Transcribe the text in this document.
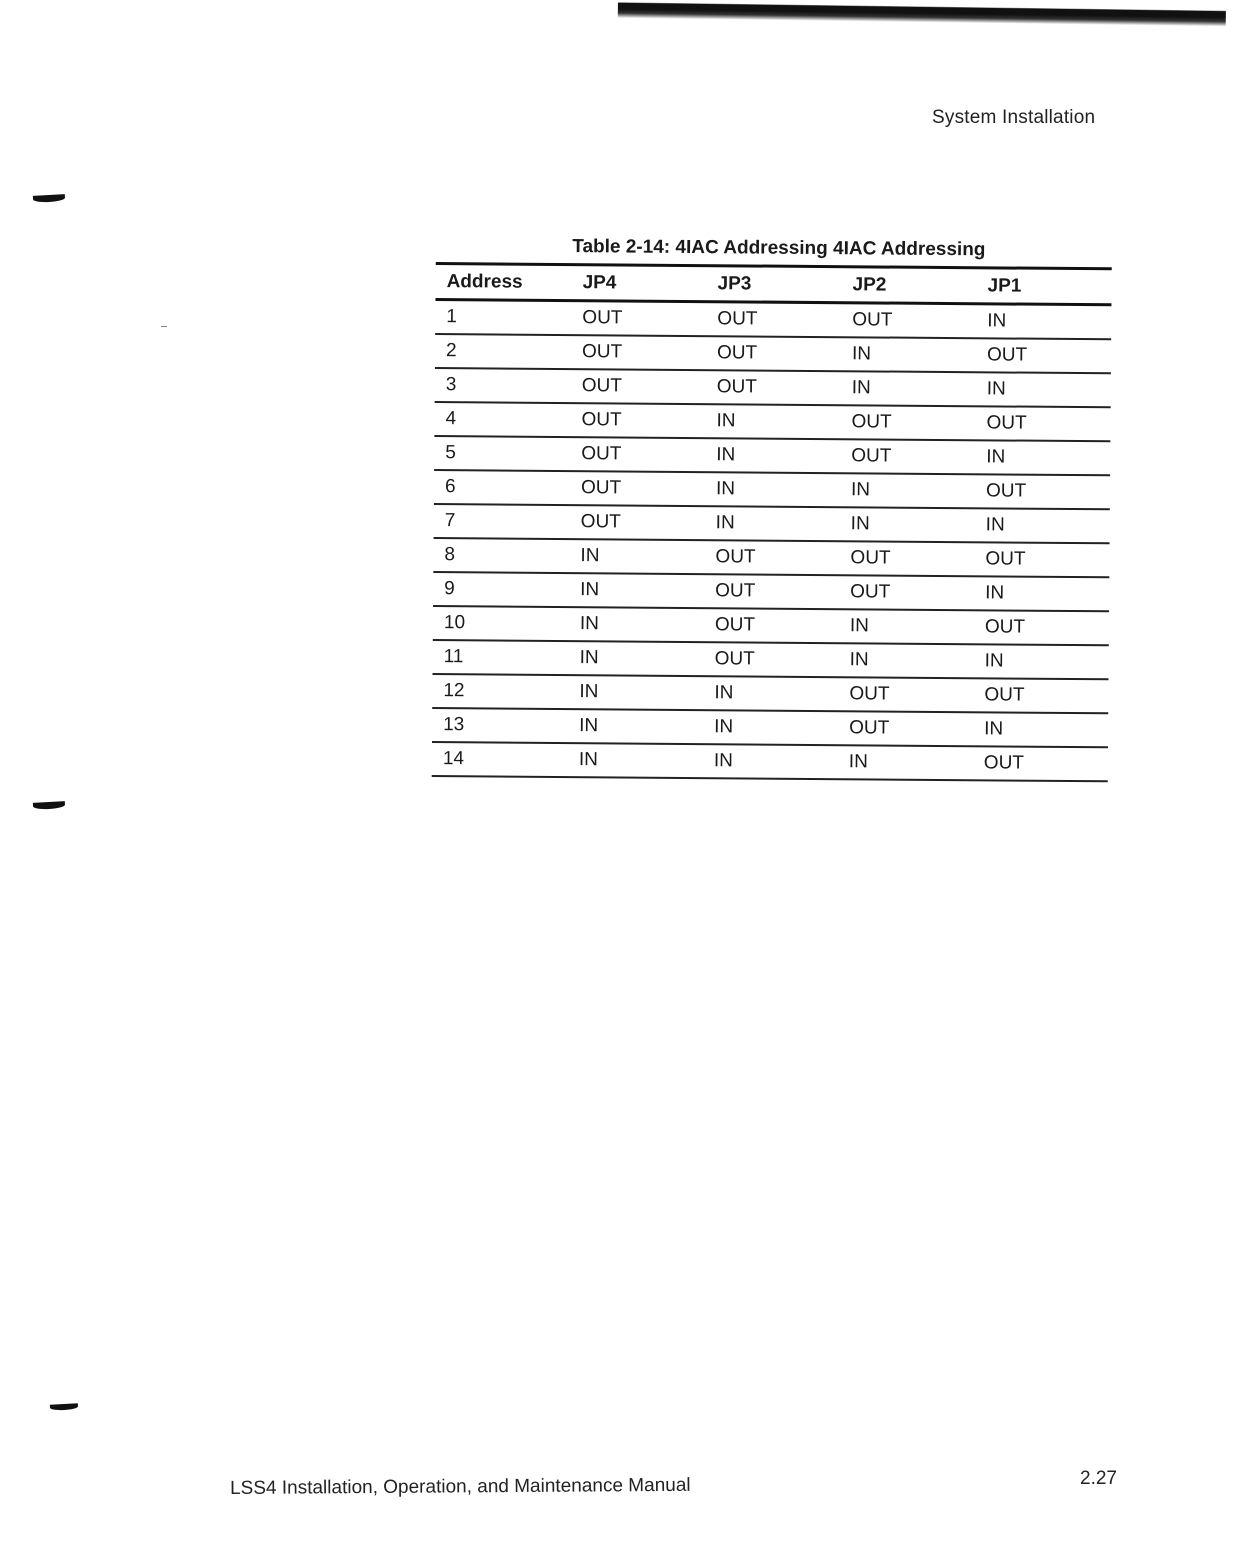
System Installation
Table 2-14: 4IAC Addressing 4IAC Addressing
Address	JP4	JP3	JP2	JP1
1	OUT	OUT	OUT	IN
2	OUT	OUT	IN	OUT
3	OUT	OUT	IN	IN
4	OUT	IN	OUT	OUT
5	OUT	IN	OUT	IN
6	OUT	IN	IN	OUT
7	OUT	IN	IN	IN
8	IN	OUT	OUT	OUT
9	IN	OUT	OUT	IN
10	IN	OUT	IN	OUT
11	IN	OUT	IN	IN
12	IN	IN	OUT	OUT
13	IN	IN	OUT	IN
14	IN	IN	IN	OUT
LSS4 Installation, Operation, and Maintenance Manual	2.27
